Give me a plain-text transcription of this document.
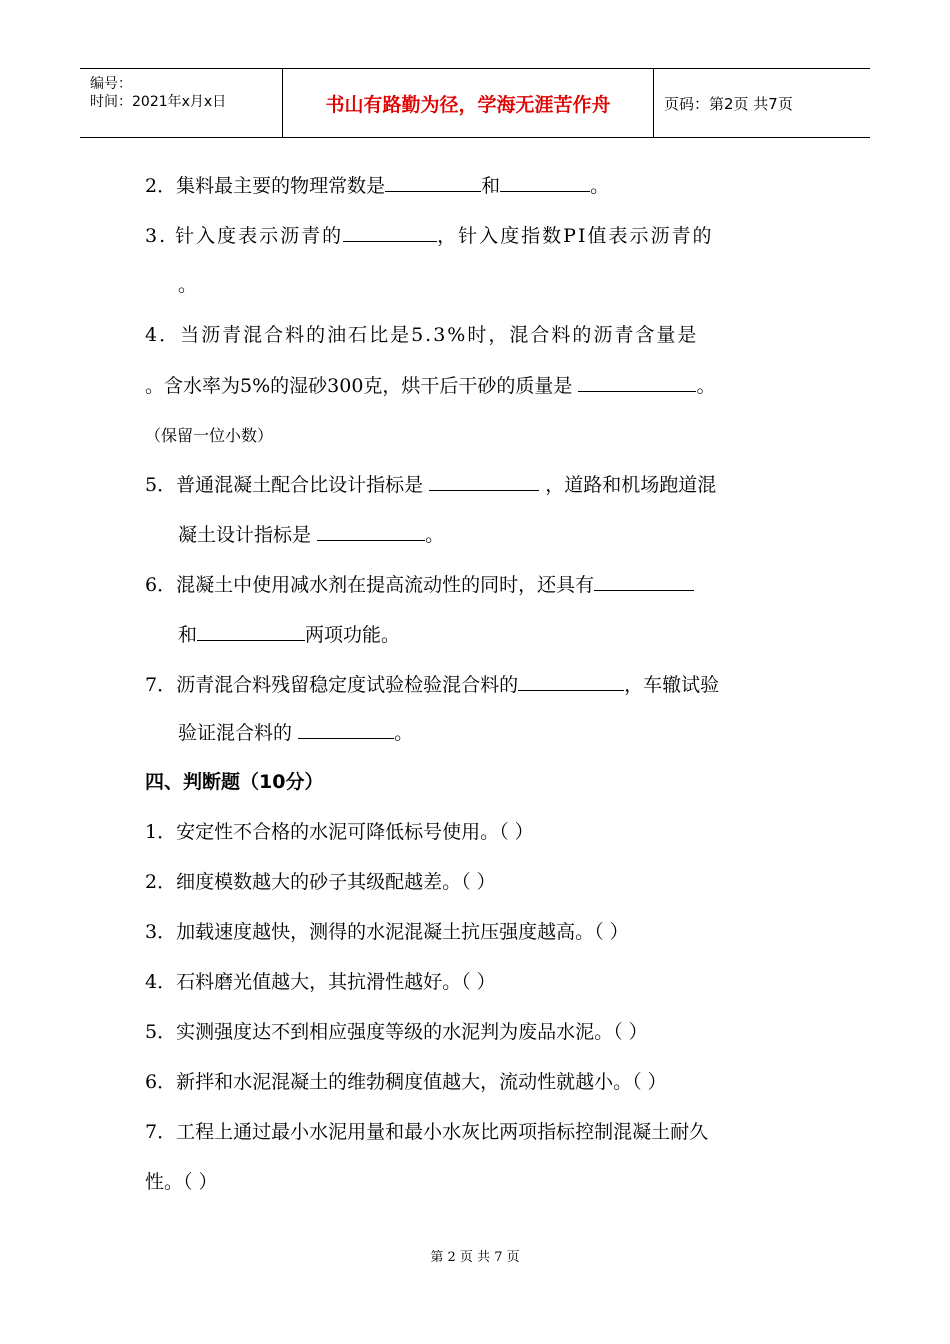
编号：
时间：2021年x月x日	书山有路勤为径，学海无涯苦作舟	页码：第2页 共7页
2．集料最主要的物理常数是	和	。
3. 针入度表示沥青的	，针入度指数PI值表示沥青的
。
4．当沥青混合料的油石比是5.3%时，混合料的沥青含量是
。含水率为5%的湿砂300克，烘干后干砂的质量是	。
（保留一位小数）
5．普通混凝土配合比设计指标是	，道路和机场跑道混
凝土设计指标是	。
6．混凝土中使用减水剂在提高流动性的同时，还具有
和	两项功能。
7．沥青混合料残留稳定度试验检验混合料的	，车辙试验
验证混合料的	。
四、判断题（10分）
1．安定性不合格的水泥可降低标号使用。（ ）
2．细度模数越大的砂子其级配越差。（ ）
3．加载速度越快，测得的水泥混凝土抗压强度越高。（ ）
4．石料磨光值越大，其抗滑性越好。（ ）
5．实测强度达不到相应强度等级的水泥判为废品水泥。（ ）
6．新拌和水泥混凝土的维勃稠度值越大，流动性就越小。（ ）
7．工程上通过最小水泥用量和最小水灰比两项指标控制混凝土耐久
性。（ ）
第 2 页 共 7 页
